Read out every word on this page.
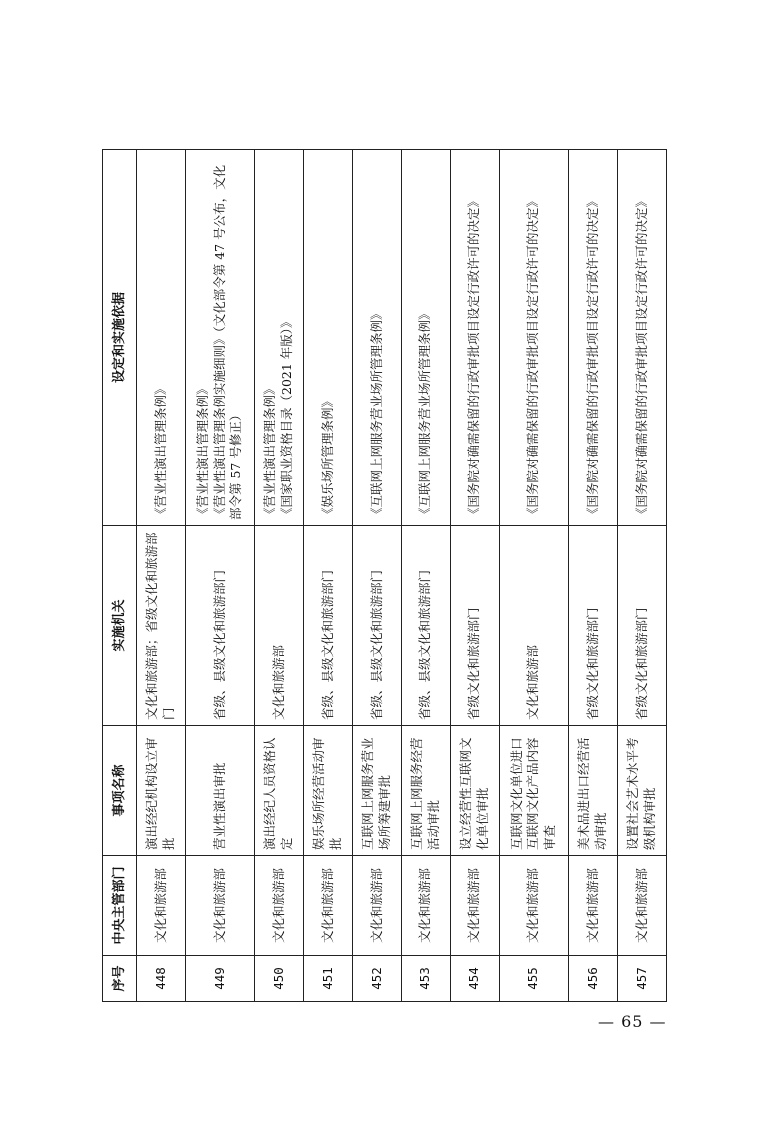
序号	中央主管部门	事项名称	实施机关	设定和实施依据
448	文化和旅游部	演出经纪机构设立审批	文化和旅游部；省级文化和旅游部门	《营业性演出管理条例》

449	文化和旅游部	营业性演出审批	省级、县级文化和旅游部门	《营业性演出管理条例》 《营业性演出管理条例实施细则》（文化部令第 47 号公布，文化部令第 57 号修正）

450	文化和旅游部	演出经纪人员资格认定	文化和旅游部	《营业性演出管理条例》 《国家职业资格目录（2021 年版）》

451	文化和旅游部	娱乐场所经营活动审批	省级、县级文化和旅游部门	《娱乐场所管理条例》

452	文化和旅游部	互联网上网服务营业场所筹建审批	省级、县级文化和旅游部门	《互联网上网服务营业场所管理条例》

453	文化和旅游部	互联网上网服务经营活动审批	省级、县级文化和旅游部门	《互联网上网服务营业场所管理条例》

454	文化和旅游部	设立经营性互联网文化单位审批	省级文化和旅游部门	《国务院对确需保留的行政审批项目设定行政许可的决定》

455	文化和旅游部	互联网文化单位进口互联网文化产品内容审查	文化和旅游部	《国务院对确需保留的行政审批项目设定行政许可的决定》

456	文化和旅游部	美术品进出口经营活动审批	省级文化和旅游部门	《国务院对确需保留的行政审批项目设定行政许可的决定》

457	文化和旅游部	设置社会艺术水平考级机构审批	省级文化和旅游部门	《国务院对确需保留的行政审批项目设定行政许可的决定》
— 65 —
